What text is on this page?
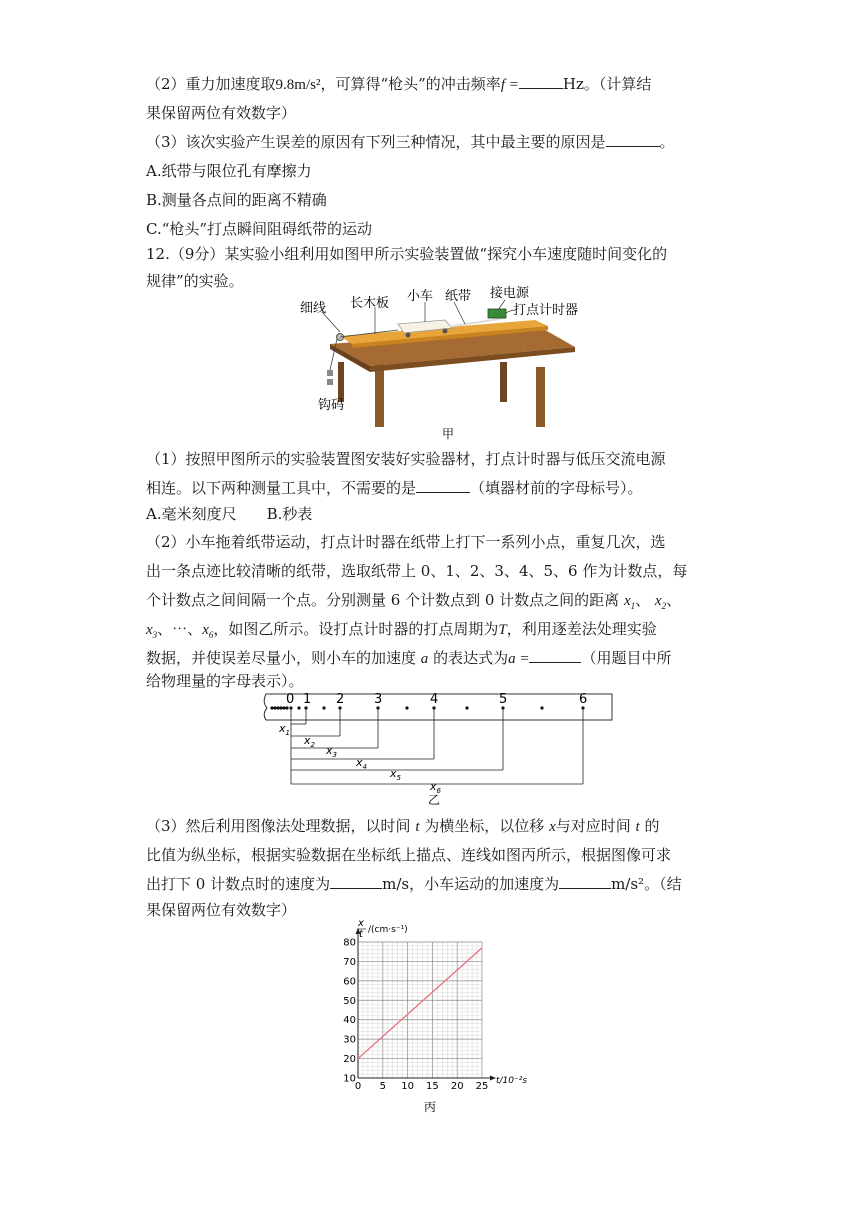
（2）重力加速度取9.8m/s²，可算得“枪头”的冲击频率f =	Hz。（计算结
果保留两位有效数字）
（3）该次实验产生误差的原因有下列三种情况，其中最主要的原因是	。
A.纸带与限位孔有摩擦力
B.测量各点间的距离不精确
C.“枪头”打点瞬间阻碍纸带的运动
12.（9分）某实验小组利用如图甲所示实验装置做“探究小车速度随时间变化的
规律”的实验。
细线 长木板 小车 纸带 接电源
打点计时器
钩码
甲
（1）按照甲图所示的实验装置图安装好实验器材，打点计时器与低压交流电源
相连。以下两种测量工具中，不需要的是	（填器材前的字母标号）。
A.毫米刻度尺 B.秒表
（2）小车拖着纸带运动，打点计时器在纸带上打下一系列小点，重复几次，选
出一条点迹比较清晰的纸带，选取纸带上 0、1、2、3、4、5、6 作为计数点，每
个计数点之间间隔一个点。分别测量 6 个计数点到 0 计数点之间的距离 $x_1$、 $x_2$、
$x_3$、⋯、$x_6$，如图乙所示。设打点计时器的打点周期为T，利用逐差法处理实验
数据，并使误差尽量小，则小车的加速度 a 的表达式为a =	（用题目中所
给物理量的字母表示）。
0 1 2 3	4	5	6
$x_1$
$x_2$ $x_3$
$x_4$ $x_5$
$x_6$
乙
（3）然后利用图像法处理数据，以时间 t 为横坐标，以位移 x与对应时间 t 的
比值为纵坐标，根据实验数据在坐标纸上描点、连线如图丙所示，根据图像可求
出打下 0 计数点时的速度为	m/s，小车运动的加速度为	m/s²。（结
果保留两位有效数字）
0 5 10 15 20 25
10
20
30
40
50
60
70
80
x
t /(cm·s⁻¹)
t/10⁻²s
丙
